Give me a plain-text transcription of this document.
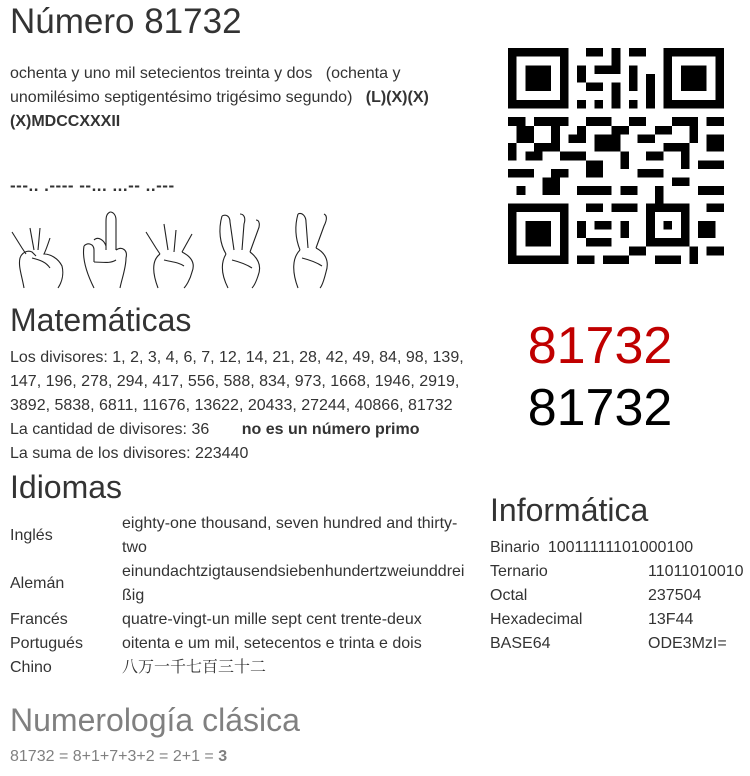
Número 81732
ochenta y uno mil setecientos treinta y dos (ochenta y unomilésimo septigentésimo trigésimo segundo) (L)(X)(X)(X)MDCCXXXII
---.. .---- --... ...-- ..---
Matemáticas
Los divisores: 1, 2, 3, 4, 6, 7, 12, 14, 21, 28, 42, 49, 84, 98, 139, 147, 196, 278, 294, 417, 556, 588, 834, 973, 1668, 1946, 2919, 3892, 5838, 6811, 11676, 13622, 20433, 27244, 40866, 81732
La cantidad de divisores: 36 no es un número primo
La suma de los divisores: 223440
81732
81732
Idiomas
Inglés	eighty-one thousand, seven hundred and thirty-two
Alemán	einundachtzigtausendsiebenhundertzweiunddreißig
Francés	quatre-vingt-un mille sept cent trente-deux
Portugués	oitenta e um mil, setecentos e trinta e dois
Chino	八万一千七百三十二
Informática
Binario 10011111101000100
Ternario	11011010010
Octal	237504
Hexadecimal	13F44
BASE64	ODE3MzI=
Numerología clásica
81732 = 8+1+7+3+2 = 2+1 = 3
